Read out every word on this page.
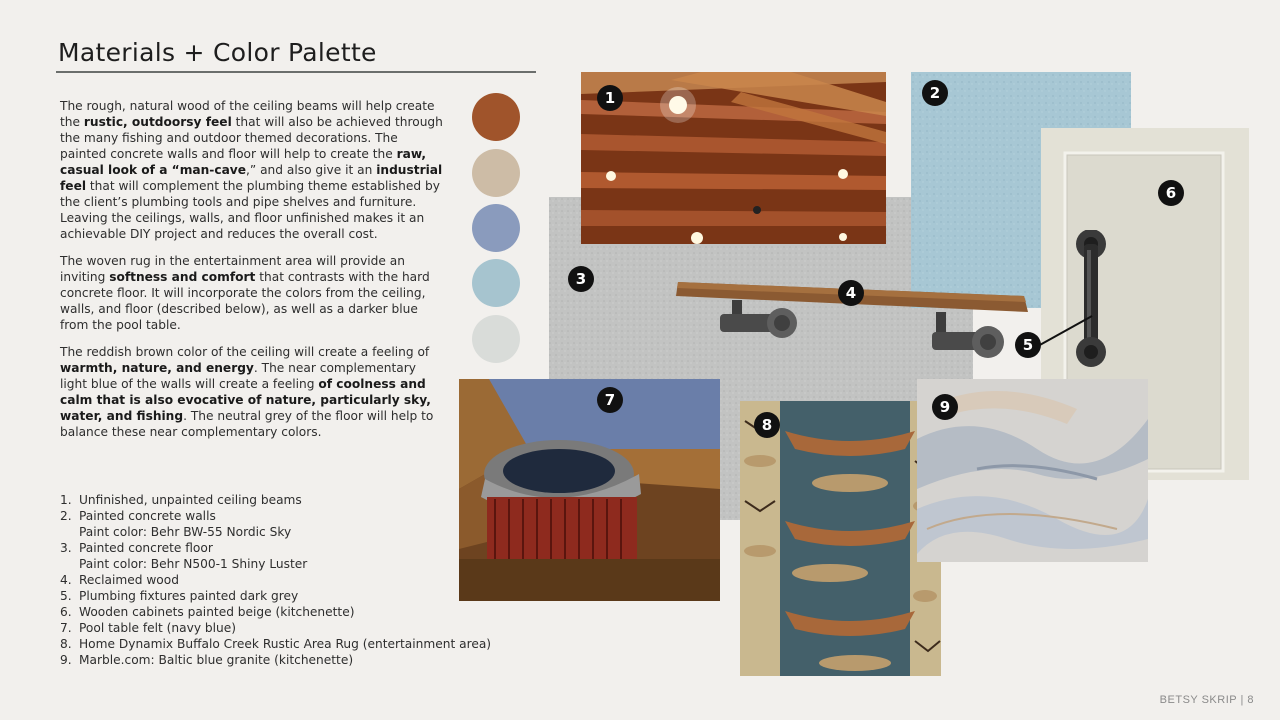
Materials + Color Palette

The rough, natural wood of the ceiling beams will help create the rustic, outdoorsy feel that will also be achieved through the many fishing and outdoor themed decorations. The painted concrete walls and floor will help to create the raw, casual look of a “man-cave,” and also give it an industrial feel that will complement the plumbing theme established by the client’s plumbing tools and pipe shelves and furniture. Leaving the ceilings, walls, and floor unfinished makes it an achievable DIY project and reduces the overall cost.

The woven rug in the entertainment area will provide an inviting softness and comfort that contrasts with the hard concrete floor. It will incorporate the colors from the ceiling, walls, and floor (described below), as well as a darker blue from the pool table.

The reddish brown color of the ceiling will create a feeling of warmth, nature, and energy. The near complementary light blue of the walls will create a feeling of coolness and calm that is also evocative of nature, particularly sky, water, and fishing. The neutral grey of the floor will help to balance these near complementary colors.

1. Unfinished, unpainted ceiling beams
2. Painted concrete walls
Paint color: Behr BW-55 Nordic Sky
3. Painted concrete floor
Paint color: Behr N500-1 Shiny Luster
4. Reclaimed wood
5. Plumbing fixtures painted dark grey
6. Wooden cabinets painted beige (kitchenette)
7. Pool table felt (navy blue)
8. Home Dynamix Buffalo Creek Rustic Area Rug (entertainment area)
9. Marble.com: Baltic blue granite (kitchenette)
1	2
3
4
5
6
7
8
9
BETSY SKRIP | 8
